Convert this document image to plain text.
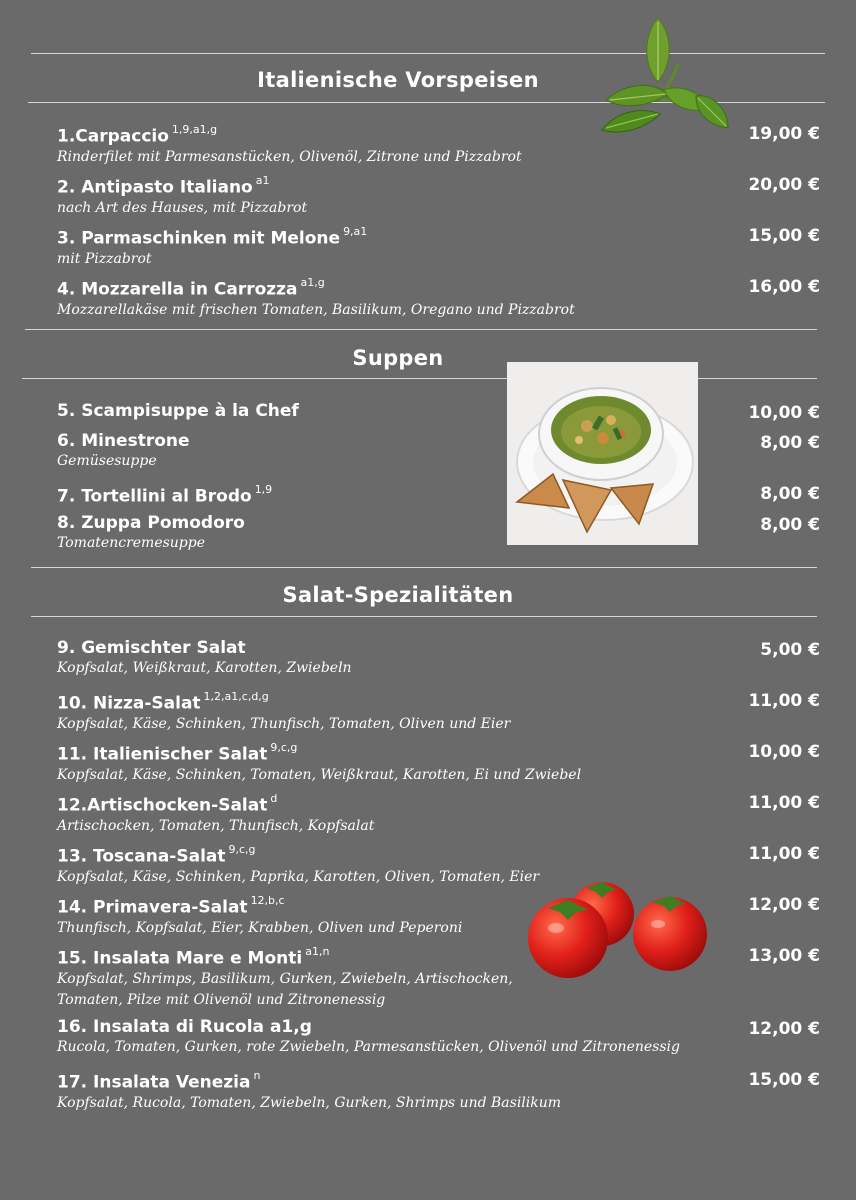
Italienische Vorspeisen
1.Carpaccio $^{1,9,a1,g}$
Rinderfilet mit Parmesanstücken, Olivenöl, Zitrone und Pizzabrot
19,00 €
2. Antipasto Italiano $^{a1}$
nach Art des Hauses, mit Pizzabrot
20,00 €
3. Parmaschinken mit Melone $^{9,a1}$
mit Pizzabrot
15,00 €
4. Mozzarella in Carrozza $^{a1,g}$
Mozzarellakäse mit frischen Tomaten, Basilikum, Oregano und Pizzabrot
16,00 €
Suppen
5. Scampisuppe à la Chef	10,00 €
6. Minestrone
Gemüsesuppe
8,00 €
7. Tortellini al Brodo $^{1,9}$	8,00 €
8. Zuppa Pomodoro
Tomatencremesuppe
8,00 €
Salat-Spezialitäten
9. Gemischter Salat
Kopfsalat, Weißkraut, Karotten, Zwiebeln
5,00 €
10. Nizza-Salat $^{1,2,a1,c,d,g}$
Kopfsalat, Käse, Schinken, Thunfisch, Tomaten, Oliven und Eier
11,00 €
11. Italienischer Salat $^{9,c,g}$
Kopfsalat, Käse, Schinken, Tomaten, Weißkraut, Karotten, Ei und Zwiebel
10,00 €
12.Artischocken-Salat $^d$
Artischocken, Tomaten, Thunfisch, Kopfsalat
11,00 €
13. Toscana-Salat $^{9,c,g}$
Kopfsalat, Käse, Schinken, Paprika, Karotten, Oliven, Tomaten, Eier
11,00 €
14. Primavera-Salat $^{12,b,c}$
Thunfisch, Kopfsalat, Eier, Krabben, Oliven und Peperoni
12,00 €
15. Insalata Mare e Monti $^{a1,n}$
Kopfsalat, Shrimps, Basilikum, Gurken, Zwiebeln, Artischocken,
Tomaten, Pilze mit Olivenöl und Zitronenessig
13,00 €
16. Insalata di Rucola a1,g
Rucola, Tomaten, Gurken, rote Zwiebeln, Parmesanstücken, Olivenöl und Zitronenessig
12,00 €
17. Insalata Venezia $^n$
Kopfsalat, Rucola, Tomaten, Zwiebeln, Gurken, Shrimps und Basilikum
15,00 €
